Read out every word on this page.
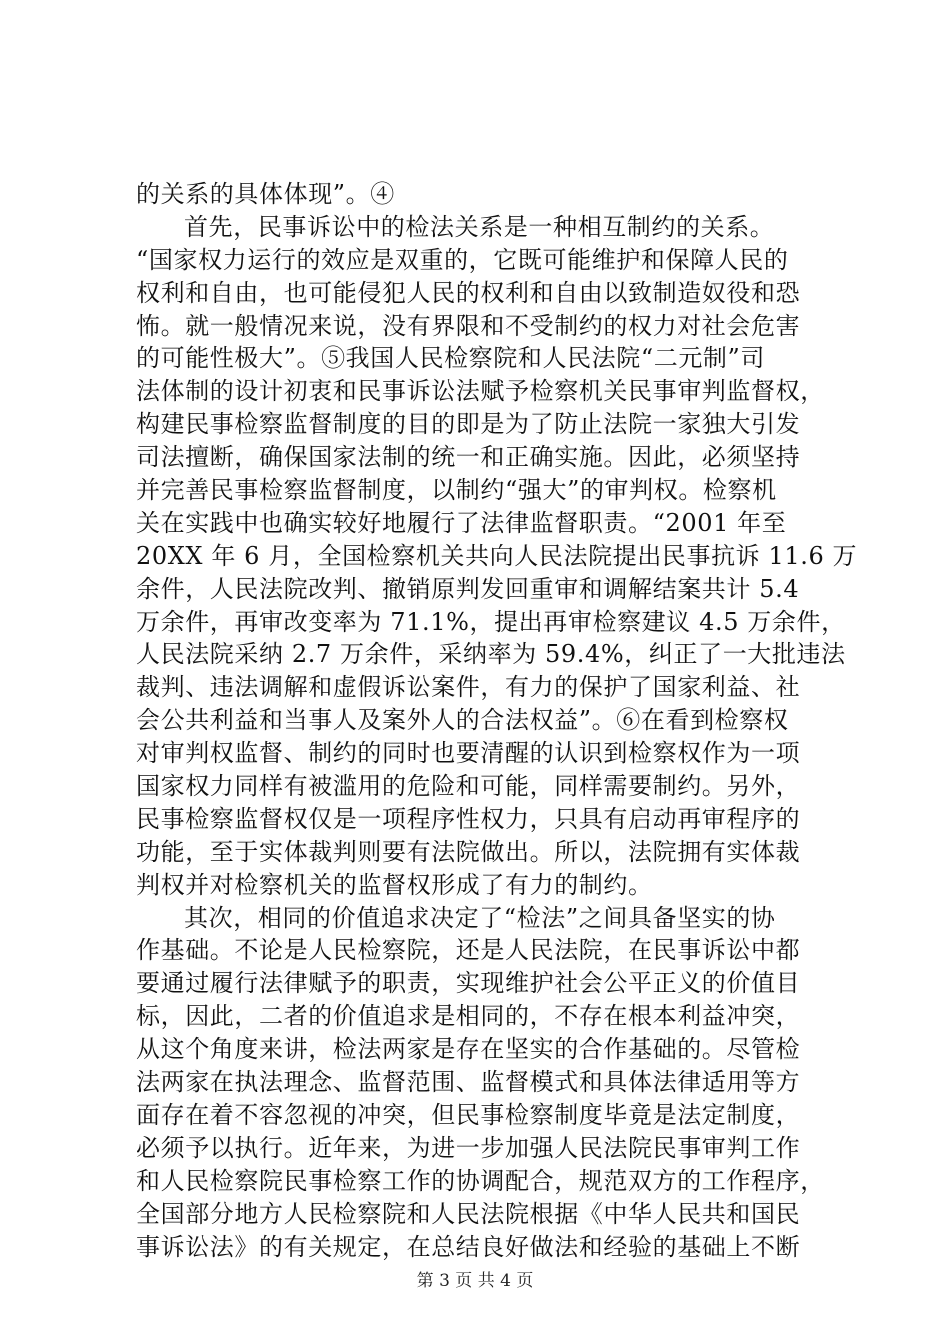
的关系的具体体现”。④
首先，民事诉讼中的检法关系是一种相互制约的关系。
“国家权力运行的效应是双重的，它既可能维护和保障人民的
权利和自由，也可能侵犯人民的权利和自由以致制造奴役和恐
怖。就一般情况来说，没有界限和不受制约的权力对社会危害
的可能性极大”。⑤我国人民检察院和人民法院“二元制”司
法体制的设计初衷和民事诉讼法赋予检察机关民事审判监督权，
构建民事检察监督制度的目的即是为了防止法院一家独大引发
司法擅断，确保国家法制的统一和正确实施。因此，必须坚持
并完善民事检察监督制度，以制约“强大”的审判权。检察机
关在实践中也确实较好地履行了法律监督职责。“2001 年至
20XX 年 6 月，全国检察机关共向人民法院提出民事抗诉 11.6 万
余件，人民法院改判、撤销原判发回重审和调解结案共计 5.4
万余件，再审改变率为 71.1%，提出再审检察建议 4.5 万余件，
人民法院采纳 2.7 万余件，采纳率为 59.4%，纠正了一大批违法
裁判、违法调解和虚假诉讼案件，有力的保护了国家利益、社
会公共利益和当事人及案外人的合法权益”。⑥在看到检察权
对审判权监督、制约的同时也要清醒的认识到检察权作为一项
国家权力同样有被滥用的危险和可能，同样需要制约。另外，
民事检察监督权仅是一项程序性权力，只具有启动再审程序的
功能，至于实体裁判则要有法院做出。所以，法院拥有实体裁
判权并对检察机关的监督权形成了有力的制约。
其次，相同的价值追求决定了“检法”之间具备坚实的协
作基础。不论是人民检察院，还是人民法院，在民事诉讼中都
要通过履行法律赋予的职责，实现维护社会公平正义的价值目
标，因此，二者的价值追求是相同的，不存在根本利益冲突，
从这个角度来讲，检法两家是存在坚实的合作基础的。尽管检
法两家在执法理念、监督范围、监督模式和具体法律适用等方
面存在着不容忽视的冲突，但民事检察制度毕竟是法定制度，
必须予以执行。近年来，为进一步加强人民法院民事审判工作
和人民检察院民事检察工作的协调配合，规范双方的工作程序，
全国部分地方人民检察院和人民法院根据《中华人民共和国民
事诉讼法》的有关规定，在总结良好做法和经验的基础上不断
第 3 页 共 4 页
